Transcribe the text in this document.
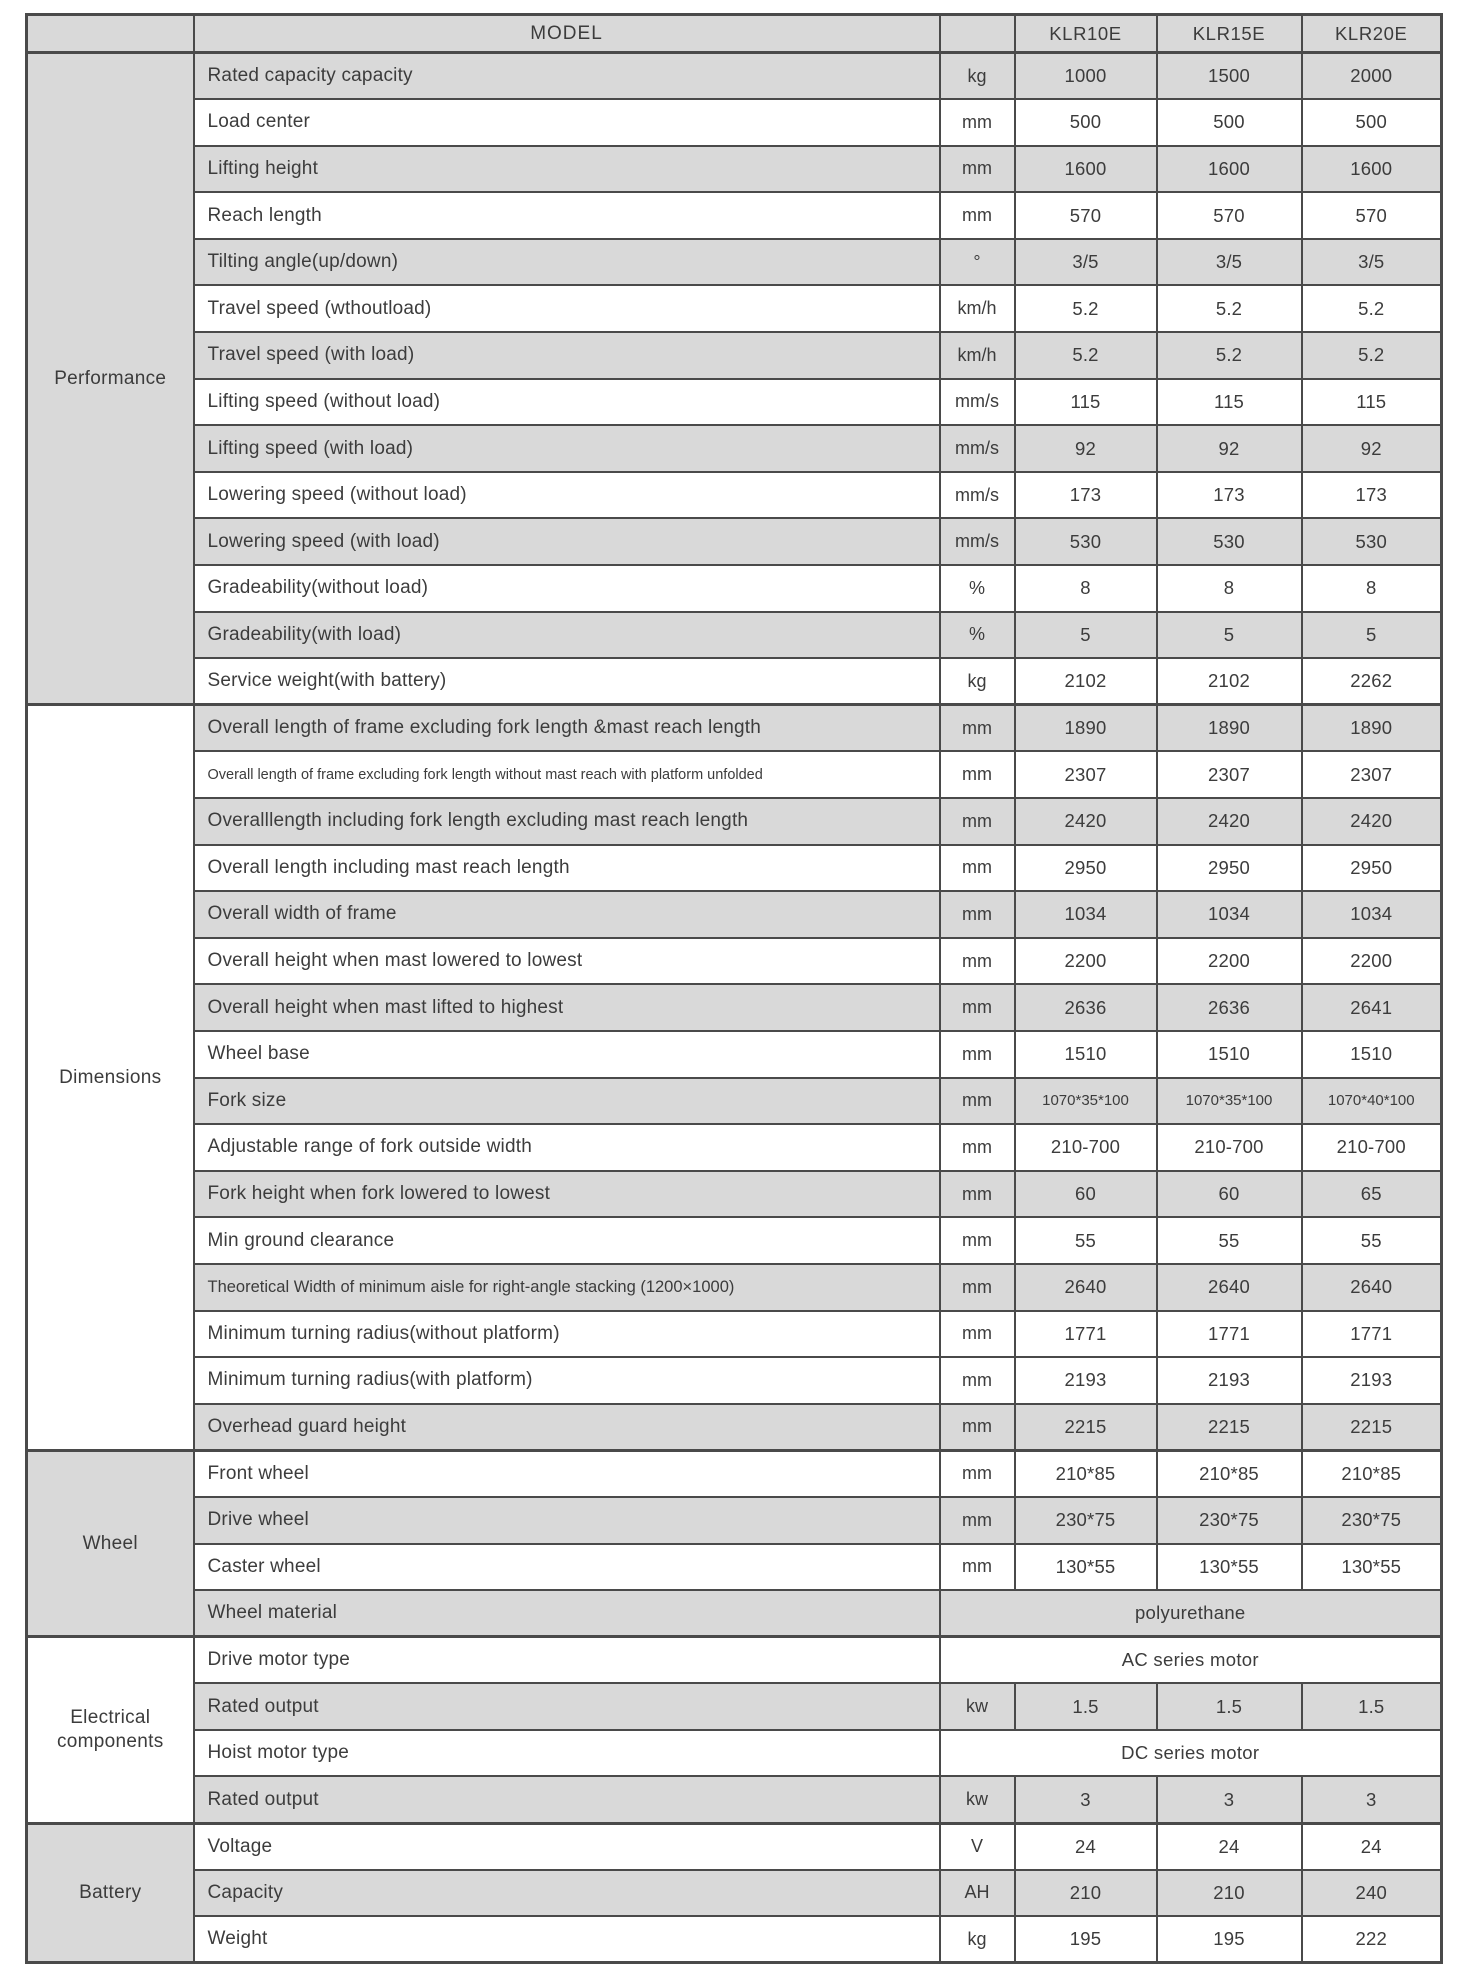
	MODEL		KLR10E	KLR15E	KLR20E
Performance	Rated capacity capacity	kg	1000	1500	2000
	Load center	mm	500	500	500
	Lifting height	mm	1600	1600	1600
	Reach length	mm	570	570	570
	Tilting angle(up/down)	°	3/5	3/5	3/5
	Travel speed (wthoutload)	km/h	5.2	5.2	5.2
	Travel speed (with load)	km/h	5.2	5.2	5.2
	Lifting speed (without load)	mm/s	115	115	115
	Lifting speed (with load)	mm/s	92	92	92
	Lowering speed (without load)	mm/s	173	173	173
	Lowering speed (with load)	mm/s	530	530	530
	Gradeability(without load)	%	8	8	8
	Gradeability(with load)	%	5	5	5
	Service weight(with battery)	kg	2102	2102	2262
Dimensions	Overall length of frame excluding fork length &mast reach length	mm	1890	1890	1890
	Overall length of frame excluding fork length without mast reach with platform unfolded	mm	2307	2307	2307
	Overalllength including fork length excluding mast reach length	mm	2420	2420	2420
	Overall length including mast reach length	mm	2950	2950	2950
	Overall width of frame	mm	1034	1034	1034
	Overall height when mast lowered to lowest	mm	2200	2200	2200
	Overall height when mast lifted to highest	mm	2636	2636	2641
	Wheel base	mm	1510	1510	1510
	Fork size	mm	1070*35*100	1070*35*100	1070*40*100
	Adjustable range of fork outside width	mm	210-700	210-700	210-700
	Fork height when fork lowered to lowest	mm	60	60	65
	Min ground clearance	mm	55	55	55
	Theoretical Width of minimum aisle for right-angle stacking (1200×1000)	mm	2640	2640	2640
	Minimum turning radius(without platform)	mm	1771	1771	1771
	Minimum turning radius(with platform)	mm	2193	2193	2193
	Overhead guard height	mm	2215	2215	2215
Wheel	Front wheel	mm	210*85	210*85	210*85
	Drive wheel	mm	230*75	230*75	230*75
	Caster wheel	mm	130*55	130*55	130*55
	Wheel material	polyurethane			
Electrical components	Drive motor type	AC series motor			
	Rated output	kw	1.5	1.5	1.5
	Hoist motor type	DC series motor			
	Rated output	kw	3	3	3
Battery	Voltage	V	24	24	24
	Capacity	AH	210	210	240
	Weight	kg	195	195	222
